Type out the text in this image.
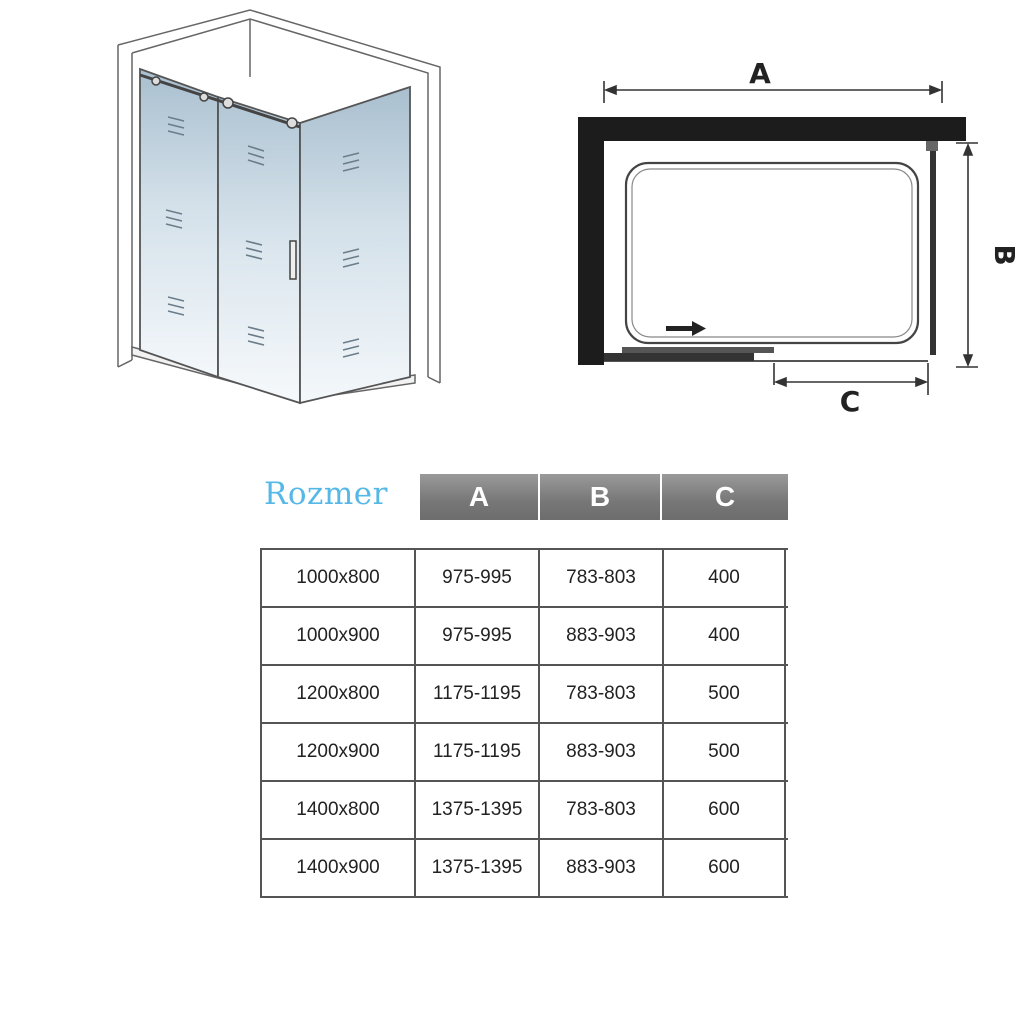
A
B
C
Rozmer	A	B	C
1000x800	975-995	783-803	400
1000x900	975-995	883-903	400
1200x800	1175-1195	783-803	500
1200x900	1175-1195	883-903	500
1400x800	1375-1395	783-803	600
1400x900	1375-1395	883-903	600
